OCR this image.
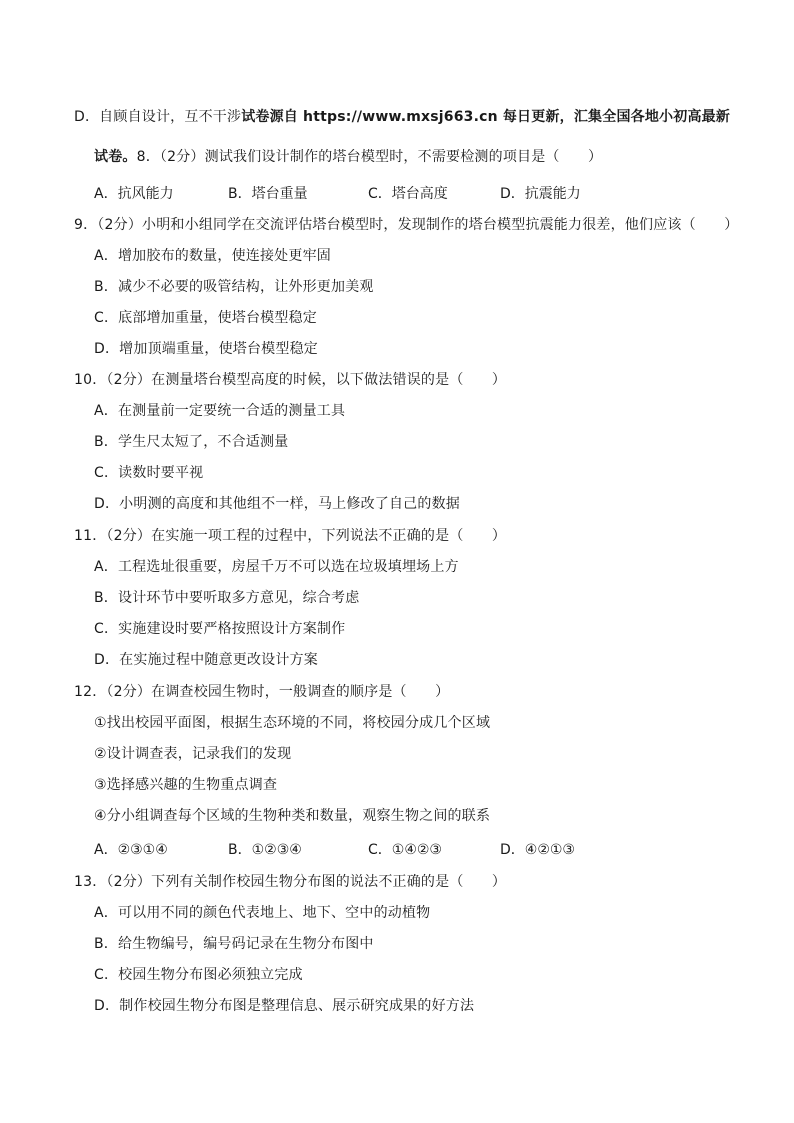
D．自顾自设计，互不干涉试卷源自 https://www.mxsj663.cn 每日更新，汇集全国各地小初高最新
试卷。8．（2分）测试我们设计制作的塔台模型时，不需要检测的项目是（　　）
A．抗风能力	B．塔台重量	C．塔台高度	D．抗震能力
9．（2分）小明和小组同学在交流评估塔台模型时，发现制作的塔台模型抗震能力很差，他们应该（　　）
A．增加胶布的数量，使连接处更牢固
B．减少不必要的吸管结构，让外形更加美观
C．底部增加重量，使塔台模型稳定
D．增加顶端重量，使塔台模型稳定
10．（2分）在测量塔台模型高度的时候，以下做法错误的是（　　）
A．在测量前一定要统一合适的测量工具
B．学生尺太短了，不合适测量
C．读数时要平视
D．小明测的高度和其他组不一样，马上修改了自己的数据
11．（2分）在实施一项工程的过程中，下列说法不正确的是（　　）
A．工程选址很重要，房屋千万不可以选在垃圾填埋场上方
B．设计环节中要听取多方意见，综合考虑
C．实施建设时要严格按照设计方案制作
D．在实施过程中随意更改设计方案
12．（2分）在调查校园生物时，一般调查的顺序是（　　）
①找出校园平面图，根据生态环境的不同，将校园分成几个区域
②设计调查表，记录我们的发现
③选择感兴趣的生物重点调查
④分小组调查每个区域的生物种类和数量，观察生物之间的联系
A．②③①④	B．①②③④	C．①④②③	D．④②①③
13．（2分）下列有关制作校园生物分布图的说法不正确的是（　　）
A．可以用不同的颜色代表地上、地下、空中的动植物
B．给生物编号，编号码记录在生物分布图中
C．校园生物分布图必须独立完成
D．制作校园生物分布图是整理信息、展示研究成果的好方法
